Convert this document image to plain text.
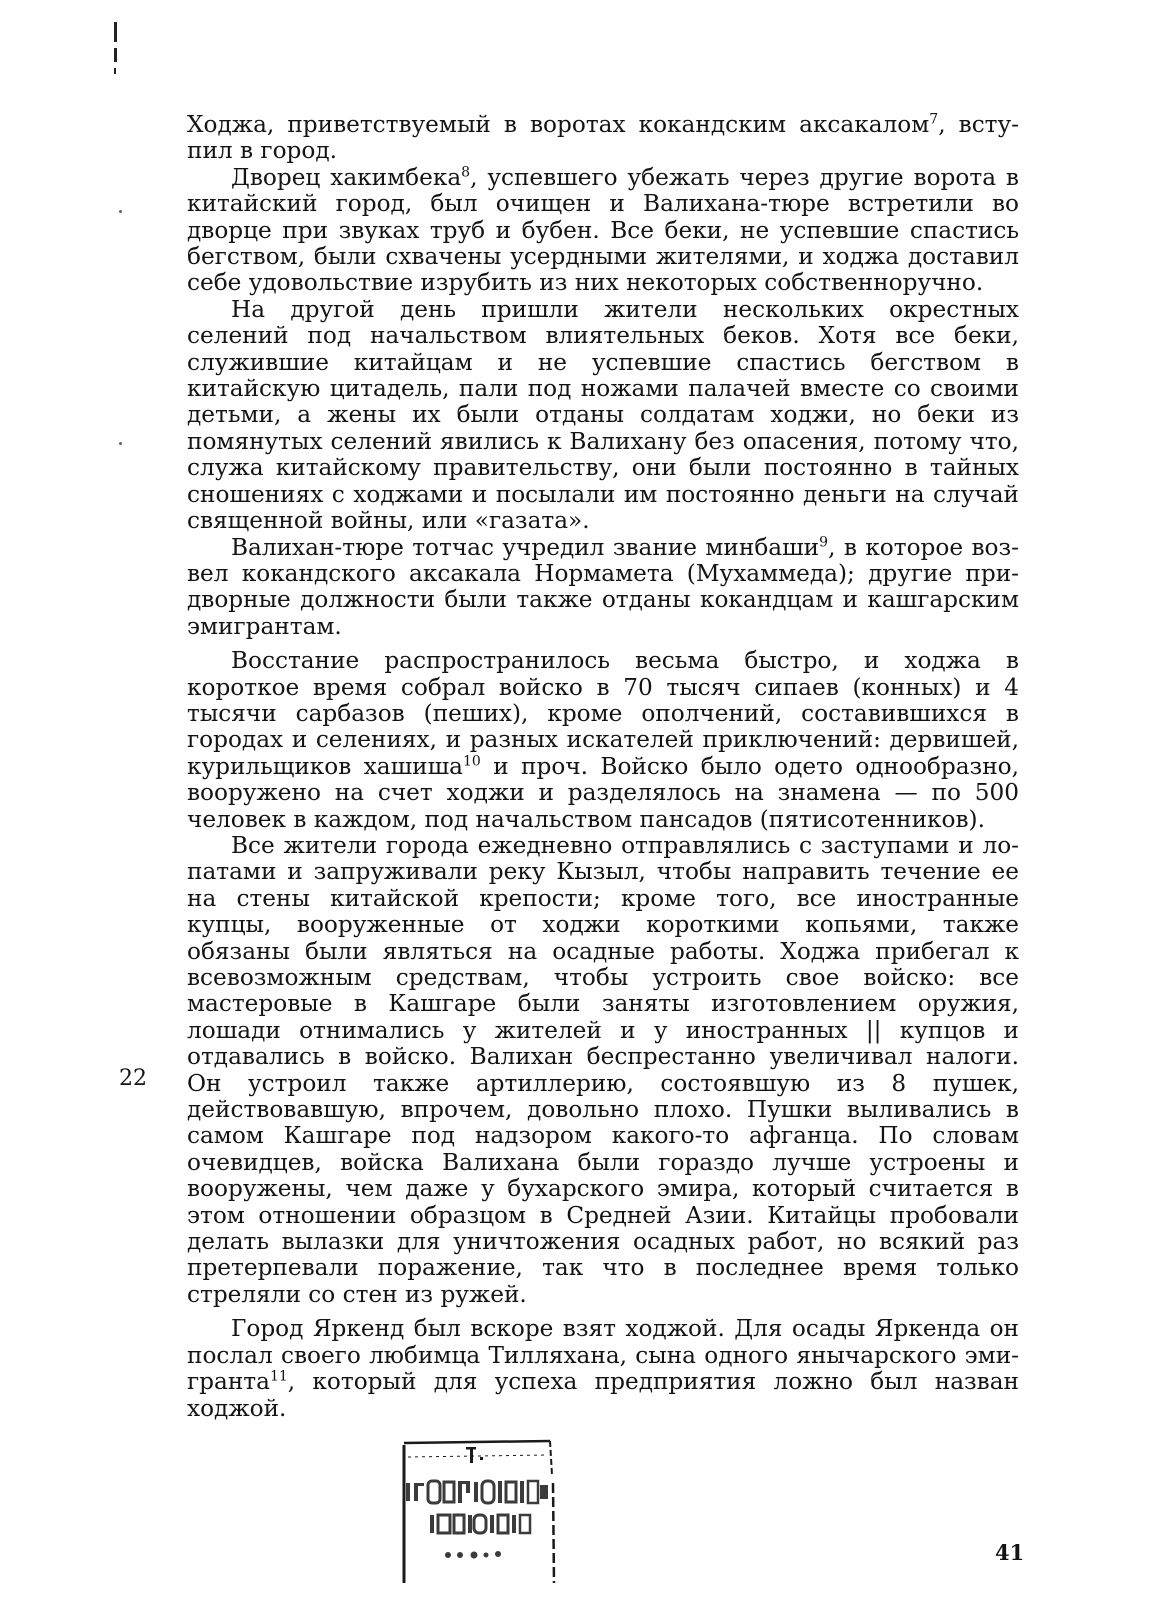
Ходжа, приветствуемый в воротах кокандским аксакалом$^7$, вступил в город.

Дворец хакимбека$^8$, успевшего убежать через другие ворота в китайский город, был очищен и Валихана-тюре встретили во дворце при звуках труб и бубен. Все беки, не успевшие спастись бегством, были схвачены усердными жителями, и ходжа доставил себе удовольствие изрубить из них некоторых собственноручно.

На другой день пришли жители нескольких окрестных селений под начальством влиятельных беков. Хотя все беки, служившие китайцам и не успевшие спастись бегством в китайскую цитадель, пали под ножами палачей вместе со своими детьми, а жены их были отданы солдатам ходжи, но беки из помянутых селений явились к Валихану без опасения, потому что, служа китайскому правительству, они были постоянно в тайных сношениях с ходжами и посылали им постоянно деньги на случай священной войны, или «газата».

Валихан-тюре тотчас учредил звание минбаши$^9$, в которое возвел кокандского аксакала Нормамета (Мухаммеда); другие придворные должности были также отданы кокандцам и кашгарским эмигрантам.

Восстание распространилось весьма быстро, и ходжа в короткое время собрал войско в 70 тысяч сипаев (конных) и 4 тысячи сарбазов (пеших), кроме ополчений, составившихся в городах и селениях, и разных искателей приключений: дервишей, курильщиков хашиша$^{10}$ и проч. Войско было одето однообразно, вооружено на счет ходжи и разделялось на знамена — по 500 человек в каждом, под начальством пансадов (пятисотенников).

Все жители города ежедневно отправлялись с заступами и лопатами и запруживали реку Кызыл, чтобы направить течение ее на стены китайской крепости; кроме того, все иностранные купцы, вооруженные от ходжи короткими копьями, также обязаны были являться на осадные работы. Ходжа прибегал к всевозможным средствам, чтобы устроить свое войско: все мастеровые в Кашгаре были заняты изготовлением оружия, лошади отнимались у жителей и у иностранных || купцов и отдавались в войско. Валихан беспрестанно увеличивал налоги. Он устроил также артиллерию, состоявшую из 8 пушек, действовавшую, впрочем, довольно плохо. Пушки выливались в самом Кашгаре под надзором какого-то афганца. По словам очевидцев, войска Валихана были гораздо лучше устроены и вооружены, чем даже у бухарского эмира, который считается в этом отношении образцом в Средней Азии. Китайцы пробовали делать вылазки для уничтожения осадных работ, но всякий раз претерпевали поражение, так что в последнее время только стреляли со стен из ружей.

Город Яркенд был вскоре взят ходжой. Для осады Яркенда он послал своего любимца Тилляхана, сына одного янычарского эмигранта$^{11}$, который для успеха предприятия ложно был назван ходжой.

22
41
